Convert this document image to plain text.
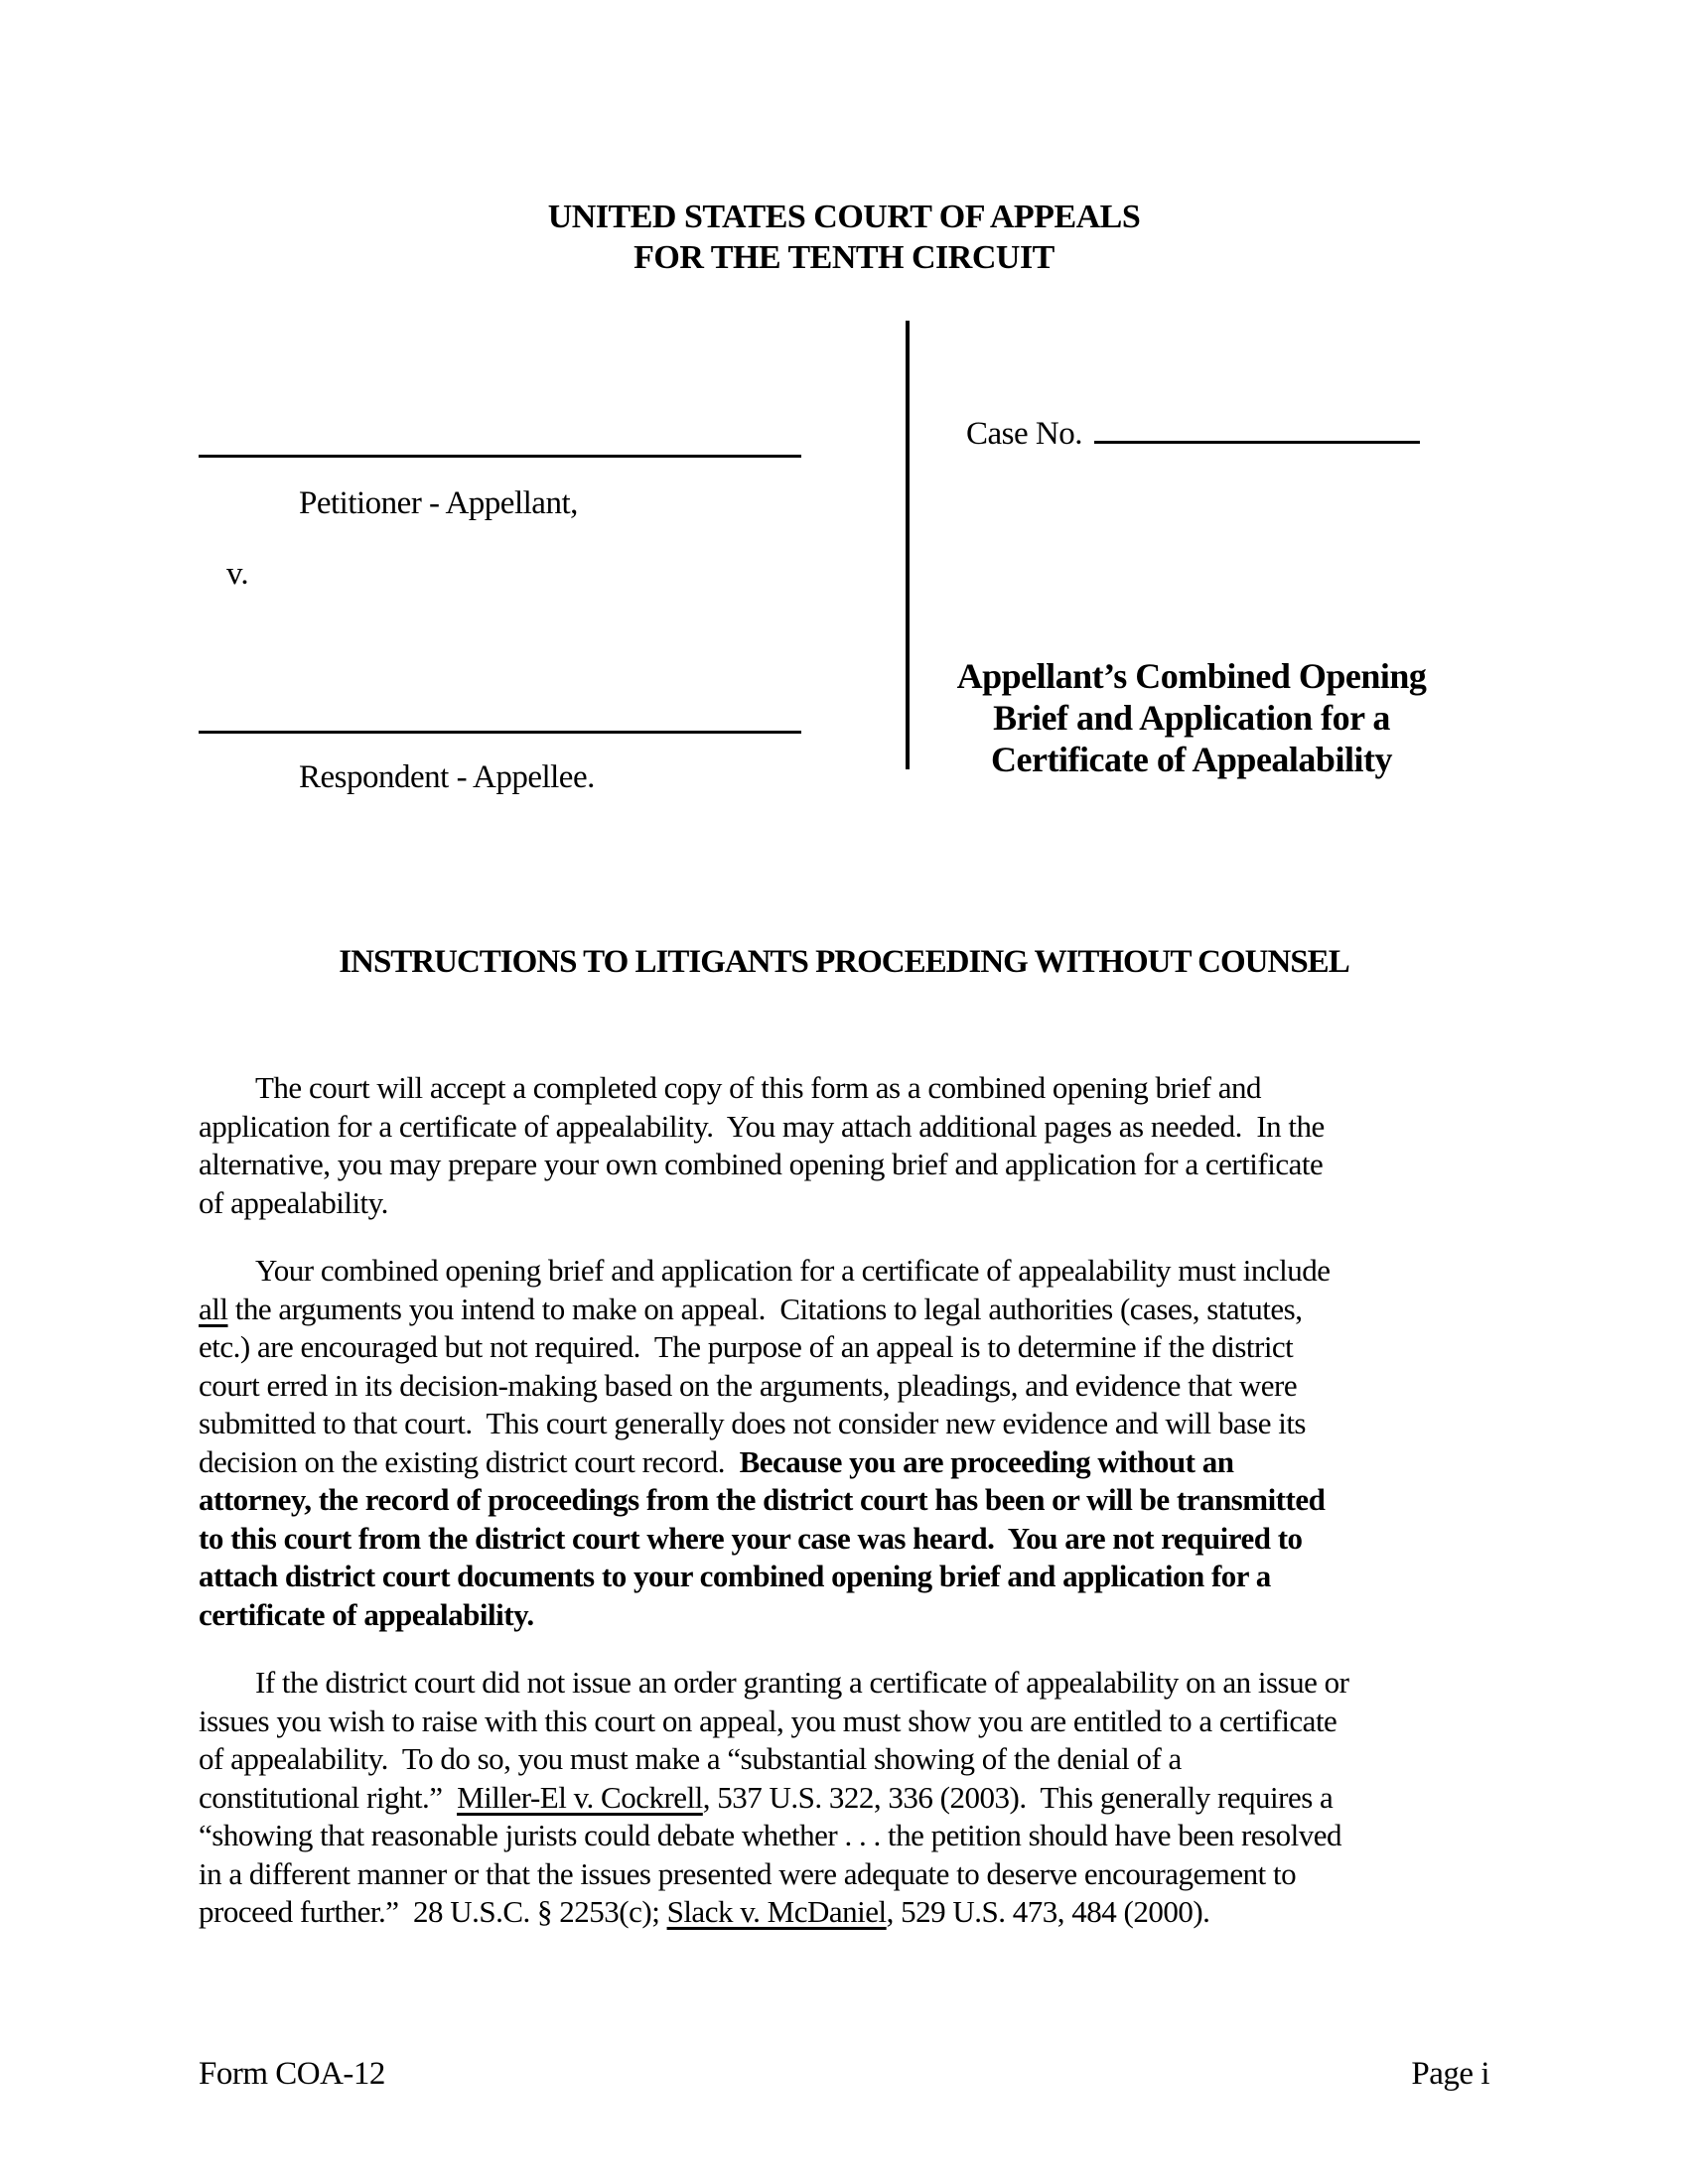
UNITED STATES COURT OF APPEALS
FOR THE TENTH CIRCUIT
Petitioner - Appellant,
v.
Respondent - Appellee.
Case No.
Appellant’s Combined Opening
Brief and Application for a
Certificate of Appealability
INSTRUCTIONS TO LITIGANTS PROCEEDING WITHOUT COUNSEL
The court will accept a completed copy of this form as a combined opening brief and
application for a certificate of appealability.  You may attach additional pages as needed.  In the
alternative, you may prepare your own combined opening brief and application for a certificate
of appealability.
Your combined opening brief and application for a certificate of appealability must include
all the arguments you intend to make on appeal.  Citations to legal authorities (cases, statutes,
etc.) are encouraged but not required.  The purpose of an appeal is to determine if the district
court erred in its decision-making based on the arguments, pleadings, and evidence that were
submitted to that court.  This court generally does not consider new evidence and will base its
decision on the existing district court record.  Because you are proceeding without an
attorney, the record of proceedings from the district court has been or will be transmitted
to this court from the district court where your case was heard.  You are not required to
attach district court documents to your combined opening brief and application for a
certificate of appealability.
If the district court did not issue an order granting a certificate of appealability on an issue or
issues you wish to raise with this court on appeal, you must show you are entitled to a certificate
of appealability.  To do so, you must make a “substantial showing of the denial of a
constitutional right.”  Miller-El v. Cockrell, 537 U.S. 322, 336 (2003).  This generally requires a
“showing that reasonable jurists could debate whether . . . the petition should have been resolved
in a different manner or that the issues presented were adequate to deserve encouragement to
proceed further.”  28 U.S.C. § 2253(c); Slack v. McDaniel, 529 U.S. 473, 484 (2000).
Page i
Form COA-12
